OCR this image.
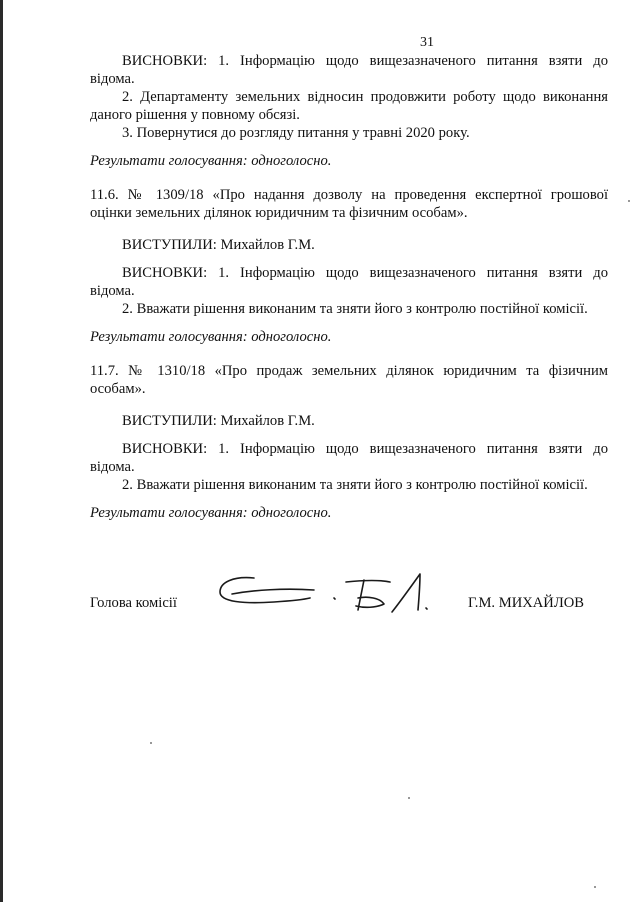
31
ВИСНОВКИ: 1. Інформацію щодо вищезазначеного питання взяти до
відома.
2. Департаменту земельних відносин продовжити роботу щодо виконання
даного рішення у повному обсязі.
3. Повернутися до розгляду питання у травні 2020 року.
Результати голосування: одноголосно.
11.6. № 1309/18 «Про надання дозволу на проведення експертної грошової
оцінки земельних ділянок юридичним та фізичним особам».
ВИСТУПИЛИ: Михайлов Г.М.
ВИСНОВКИ: 1. Інформацію щодо вищезазначеного питання взяти до
відома.
2. Вважати рішення виконаним та зняти його з контролю постійної комісії.
Результати голосування: одноголосно.
11.7. № 1310/18 «Про продаж земельних ділянок юридичним та фізичним
особам».
ВИСТУПИЛИ: Михайлов Г.М.
ВИСНОВКИ: 1. Інформацію щодо вищезазначеного питання взяти до
відома.
2. Вважати рішення виконаним та зняти його з контролю постійної комісії.
Результати голосування: одноголосно.
Голова комісії	Г.М. МИХАЙЛОВ
